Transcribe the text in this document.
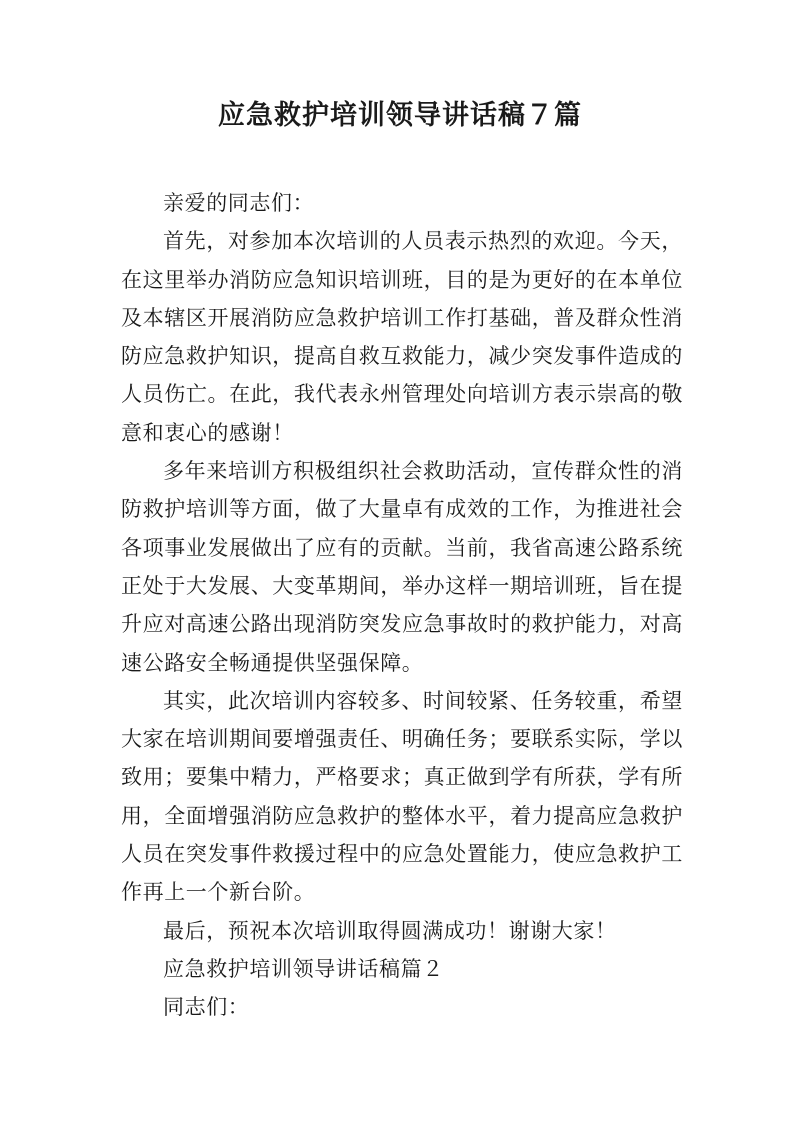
应急救护培训领导讲话稿７篇

亲爱的同志们：

首先，对参加本次培训的人员表示热烈的欢迎。今天，在这里举办消防应急知识培训班，目的是为更好的在本单位及本辖区开展消防应急救护培训工作打基础，普及群众性消防应急救护知识，提高自救互救能力，减少突发事件造成的人员伤亡。在此，我代表永州管理处向培训方表示崇高的敬意和衷心的感谢！

多年来培训方积极组织社会救助活动，宣传群众性的消防救护培训等方面，做了大量卓有成效的工作，为推进社会各项事业发展做出了应有的贡献。当前，我省高速公路系统正处于大发展、大变革期间，举办这样一期培训班，旨在提升应对高速公路出现消防突发应急事故时的救护能力，对高速公路安全畅通提供坚强保障。

其实，此次培训内容较多、时间较紧、任务较重，希望大家在培训期间要增强责任、明确任务；要联系实际，学以致用；要集中精力，严格要求；真正做到学有所获，学有所用，全面增强消防应急救护的整体水平，着力提高应急救护人员在突发事件救援过程中的应急处置能力，使应急救护工作再上一个新台阶。

最后，预祝本次培训取得圆满成功！谢谢大家！

应急救护培训领导讲话稿篇２

同志们：
